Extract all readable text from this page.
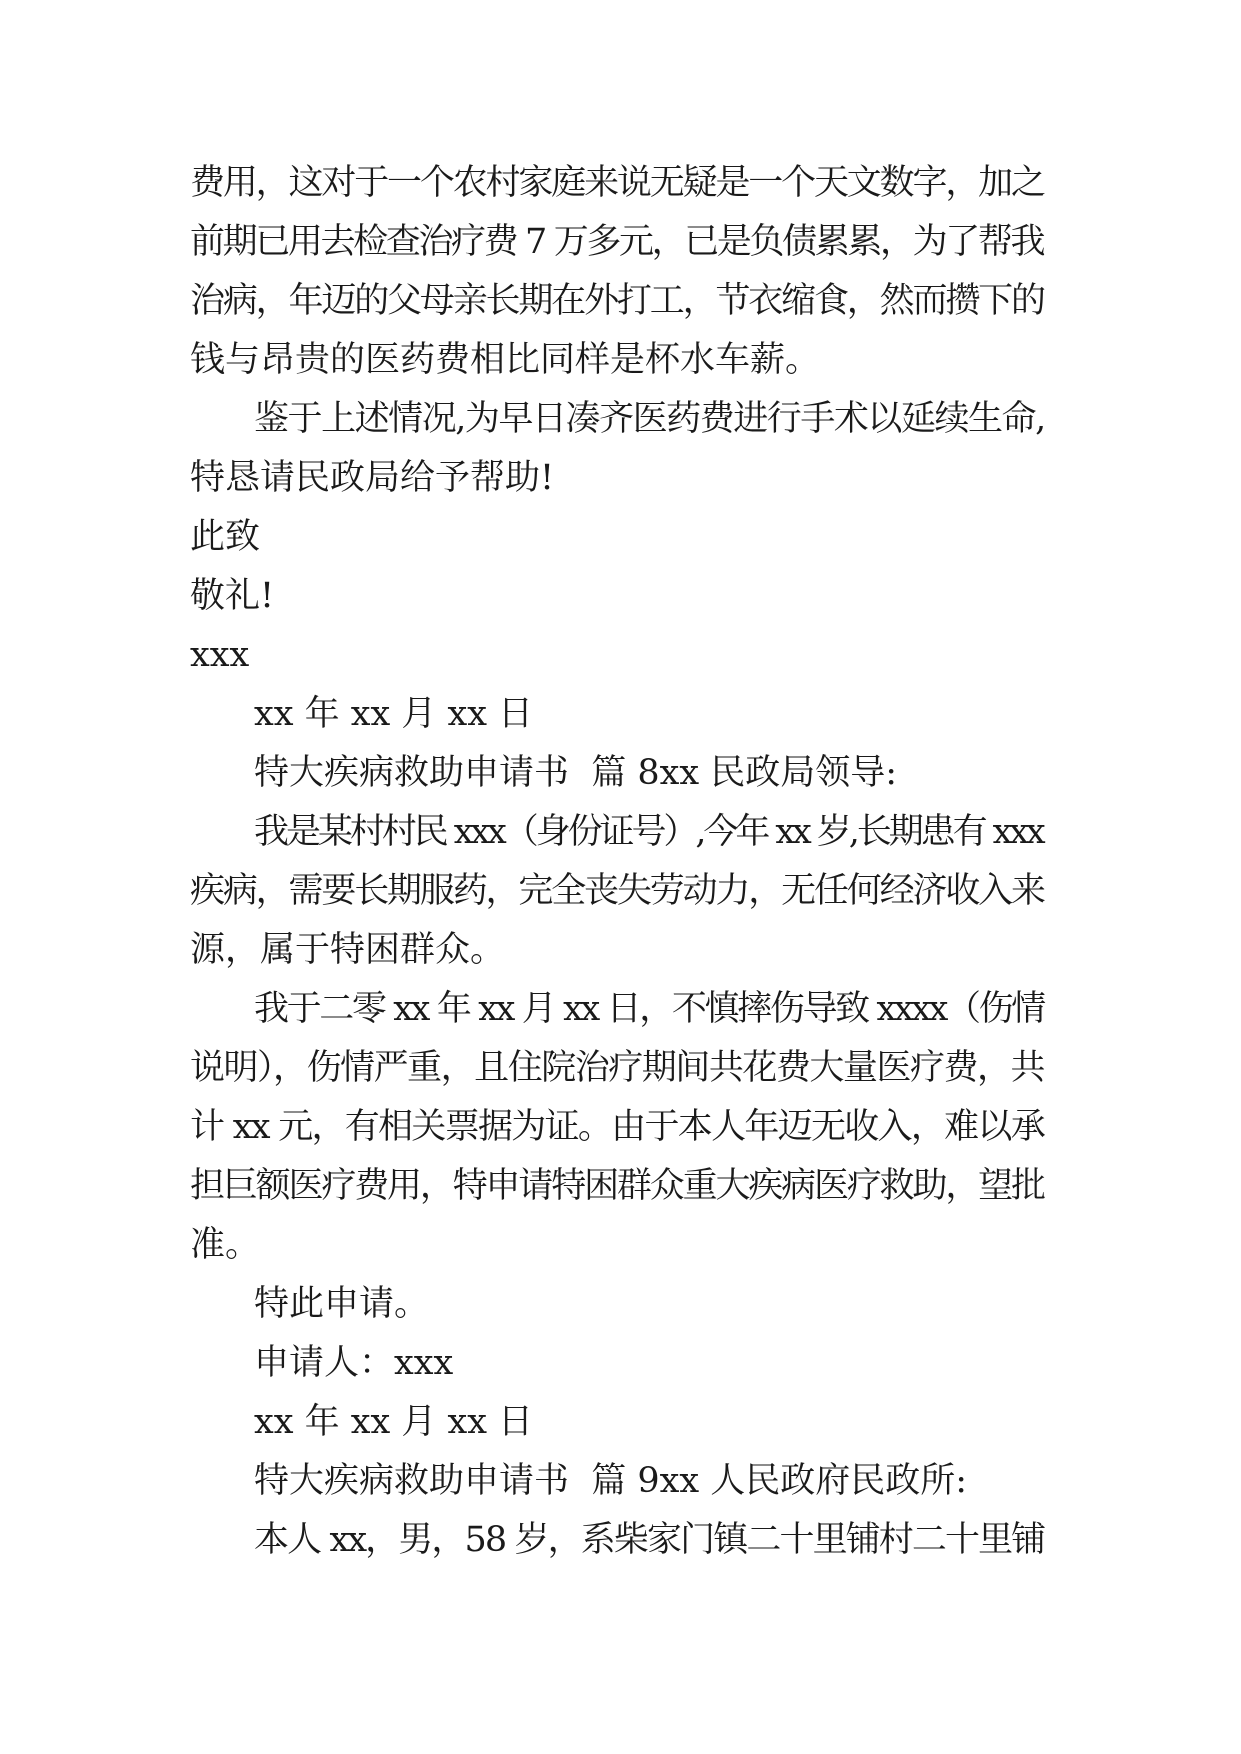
费用，这对于一个农村家庭来说无疑是一个天文数字，加之
前期已用去检查治疗费 7 万多元，已是负债累累，为了帮我
治病，年迈的父母亲长期在外打工，节衣缩食，然而攒下的
钱与昂贵的医药费相比同样是杯水车薪。
鉴于上述情况,为早日凑齐医药费进行手术以延续生命,
特恳请民政局给予帮助!
此致
敬礼!
xxx
xx 年 xx 月 xx 日
特大疾病救助申请书  篇 8xx 民政局领导:
我是某村村民 xxx（身份证号）,今年 xx 岁,长期患有 xxx
疾病，需要长期服药，完全丧失劳动力，无任何经济收入来
源，属于特困群众。
我于二零 xx 年 xx 月 xx 日，不慎摔伤导致 xxxx（伤情
说明），伤情严重，且住院治疗期间共花费大量医疗费，共
计 xx 元，有相关票据为证。由于本人年迈无收入，难以承
担巨额医疗费用，特申请特困群众重大疾病医疗救助，望批
准。
特此申请。
申请人：xxx
xx 年 xx 月 xx 日
特大疾病救助申请书  篇 9xx 人民政府民政所:
本人 xx，男，58 岁，系柴家门镇二十里铺村二十里铺
